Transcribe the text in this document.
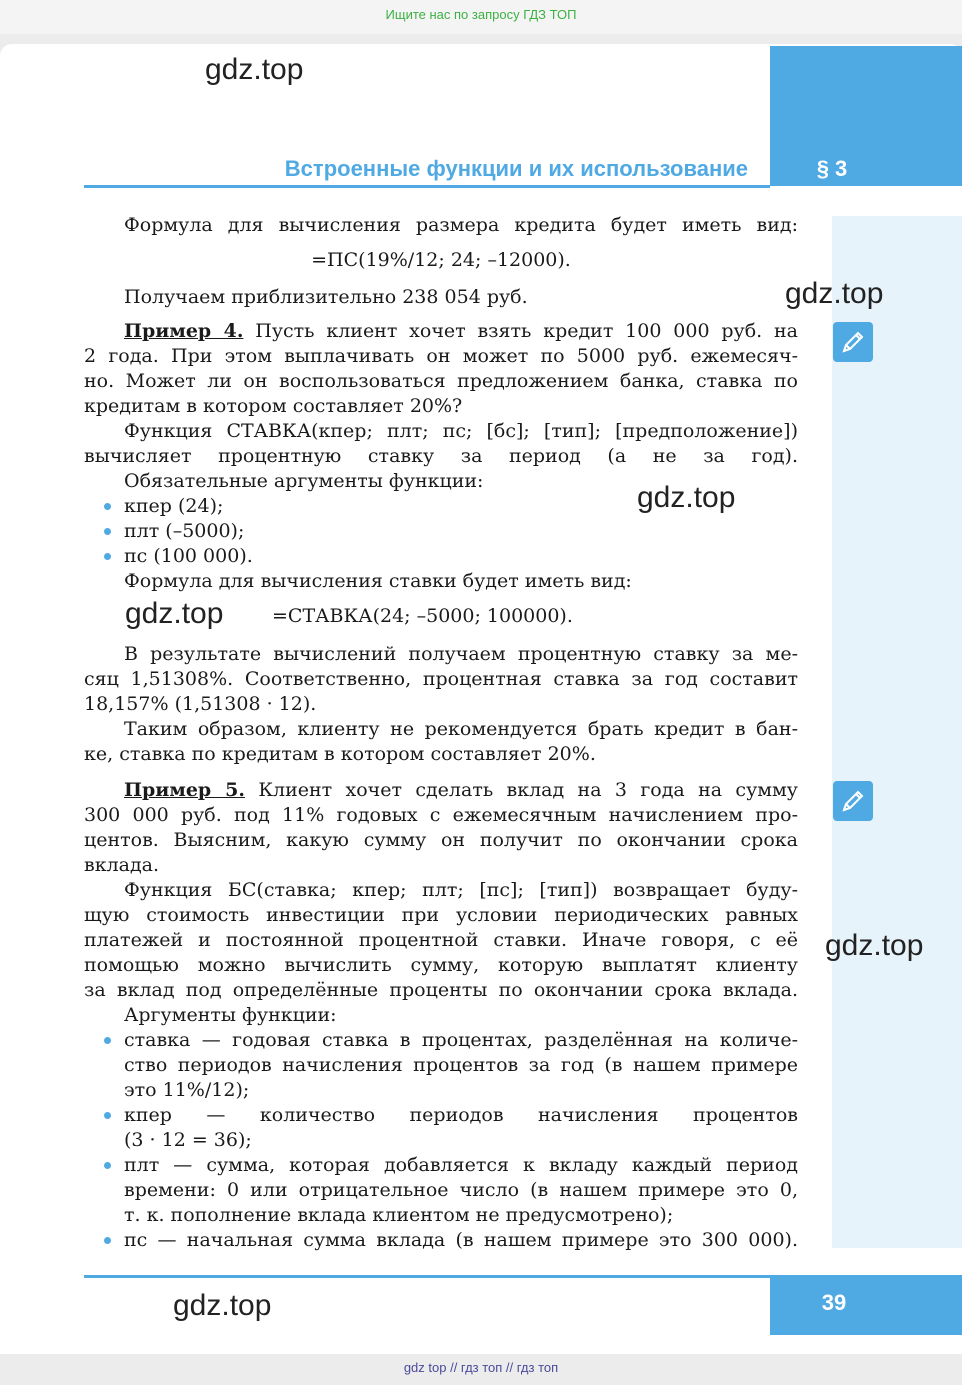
Ищите нас по запросу ГДЗ ТОП
§ 3
Встроенные функции и их использование
gdz.top
gdz.top
gdz.top
gdz.top
gdz.top
gdz.top
Формула для вычисления размера кредита будет иметь вид:
=ПС(19%/12; 24; –12000).
Получаем приблизительно 238 054 руб.
Пример 4. Пусть клиент хочет взять кредит 100 000 руб. на
2 года. При этом выплачивать он может по 5000 руб. ежемесяч-
но. Может ли он воспользоваться предложением банка, ставка по
кредитам в котором составляет 20%?
Функция СТАВКА(кпер; плт; пс; [бс]; [тип]; [предположение])
вычисляет процентную ставку за период (а не за год).
Обязательные аргументы функции:
кпер (24);
плт (–5000);
пс (100 000).
Формула для вычисления ставки будет иметь вид:
=СТАВКА(24; –5000; 100000).
В результате вычислений получаем процентную ставку за ме-
сяц 1,51308%. Соответственно, процентная ставка за год составит
18,157% (1,51308 · 12).
Таким образом, клиенту не рекомендуется брать кредит в бан-
ке, ставка по кредитам в котором составляет 20%.
Пример 5. Клиент хочет сделать вклад на 3 года на сумму
300 000 руб. под 11% годовых с ежемесячным начислением про-
центов. Выясним, какую сумму он получит по окончании срока
вклада.
Функция БС(ставка; кпер; плт; [пс]; [тип]) возвращает буду-
щую стоимость инвестиции при условии периодических равных
платежей и постоянной процентной ставки. Иначе говоря, с её
помощью можно вычислить сумму, которую выплатят клиенту
за вклад под определённые проценты по окончании срока вклада.
Аргументы функции:
ставка — годовая ставка в процентах, разделённая на количе-
ство периодов начисления процентов за год (в нашем примере
это 11%/12);
кпер — количество периодов начисления процентов
(3 · 12 = 36);
плт — сумма, которая добавляется к вкладу каждый период
времени: 0 или отрицательное число (в нашем примере это 0,
т. к. пополнение вклада клиентом не предусмотрено);
пс — начальная сумма вклада (в нашем примере это 300 000).
39
gdz top // гдз топ // гдз топ
